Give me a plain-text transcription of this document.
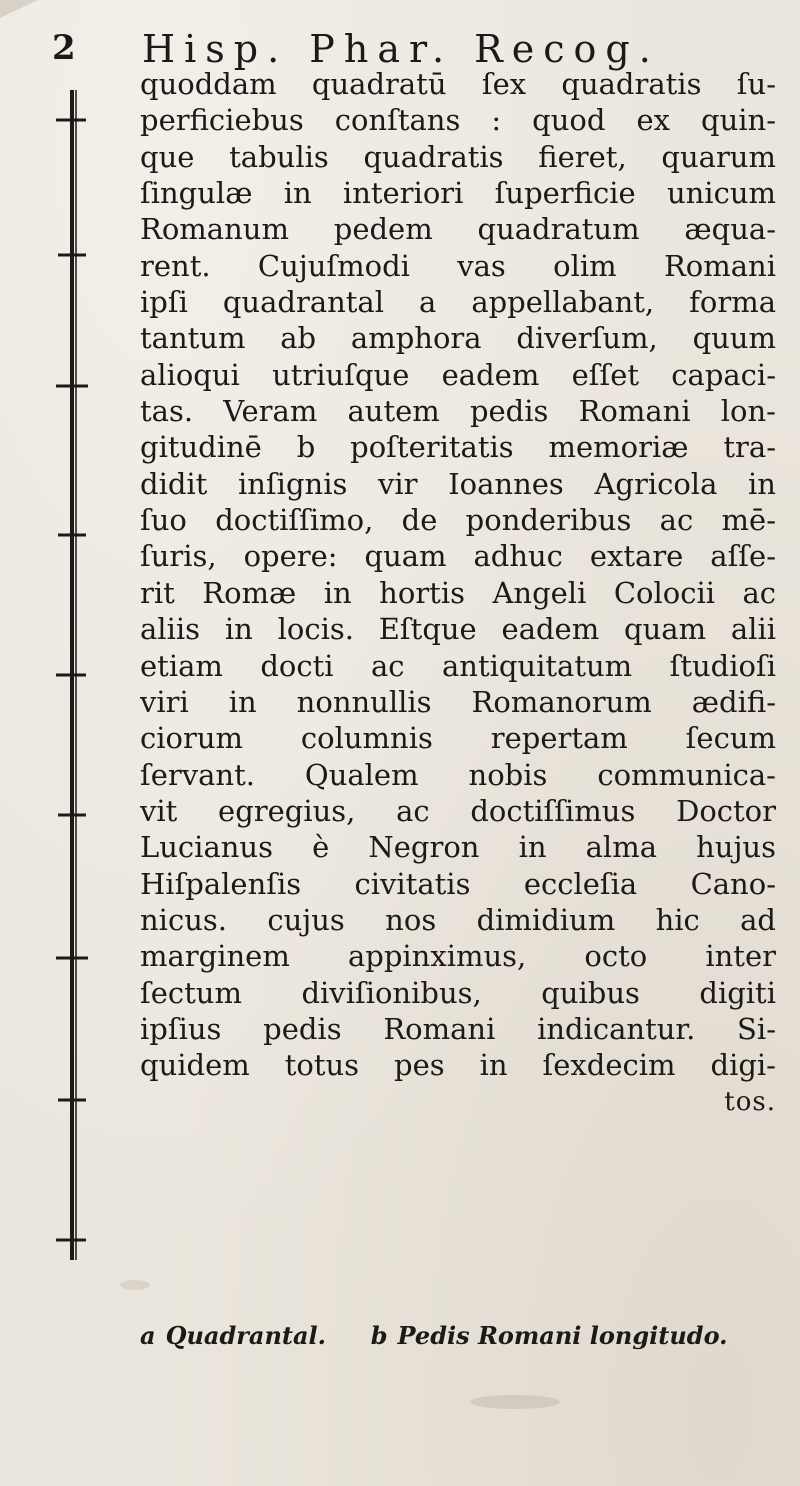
2 Hisp. Phar. Recog.
quoddam quadratū ſex quadratis ſu-
perficiebus conſtans : quod ex quin-
que tabulis quadratis fieret, quarum
ſingulæ in interiori ſuperficie unicum
Romanum pedem quadratum æqua-
rent. Cujuſmodi vas olim Romani
ipſi quadrantal a appellabant, forma
tantum ab amphora diverſum, quum
alioqui utriuſque eadem eſſet capaci-
tas. Veram autem pedis Romani lon-
gitudinē b poſteritatis memoriæ tra-
didit inſignis vir Ioannes Agricola in
ſuo doctiſſimo, de ponderibus ac mē-
ſuris, opere: quam adhuc extare aſſe-
rit Romæ in hortis Angeli Colocii ac
aliis in locis. Eſtque eadem quam alii
etiam docti ac antiquitatum ſtudioſi
viri in nonnullis Romanorum ædifi-
ciorum columnis repertam ſecum
ſervant. Qualem nobis communica-
vit egregius, ac doctiſſimus Doctor
Lucianus è Negron in alma hujus
Hiſpalenſis civitatis eccleſia Cano-
nicus. cujus nos dimidium hic ad
marginem appinximus, octo inter
ſectum diviſionibus, quibus digiti
ipſius pedis Romani indicantur. Si-
quidem totus pes in ſexdecim digi-
tos.
a Quadrantal. b Pedis Romani longitudo.
